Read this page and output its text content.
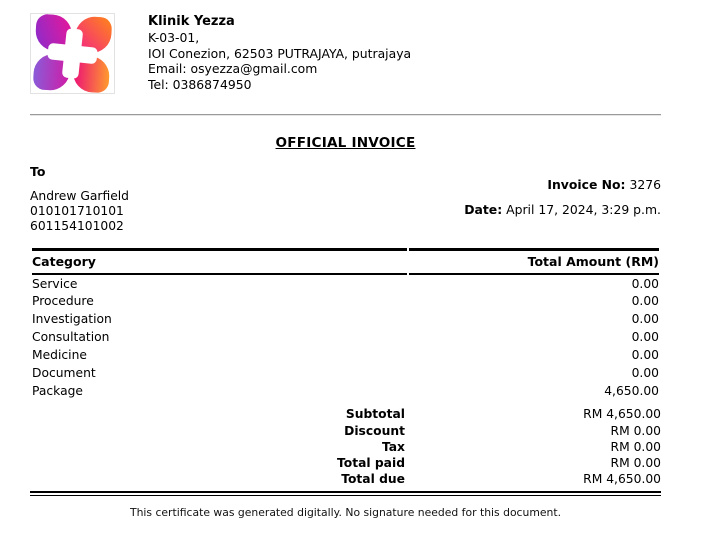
Klinik Yezza
K-03-01,
IOI Conezion, 62503 PUTRAJAYA, putrajaya
Email: osyezza@gmail.com
Tel: 0386874950
OFFICIAL INVOICE
To
Andrew Garfield
010101710101
601154101002
Invoice No: 3276
Date: April 17, 2024, 3:29 p.m.
Category	Total Amount (RM)
Service	0.00
Procedure	0.00
Investigation	0.00
Consultation	0.00
Medicine	0.00
Document	0.00
Package	4,650.00
Subtotal	RM 4,650.00
Discount	RM 0.00
Tax	RM 0.00
Total paid	RM 0.00
Total due	RM 4,650.00
This certificate was generated digitally. No signature needed for this document.
